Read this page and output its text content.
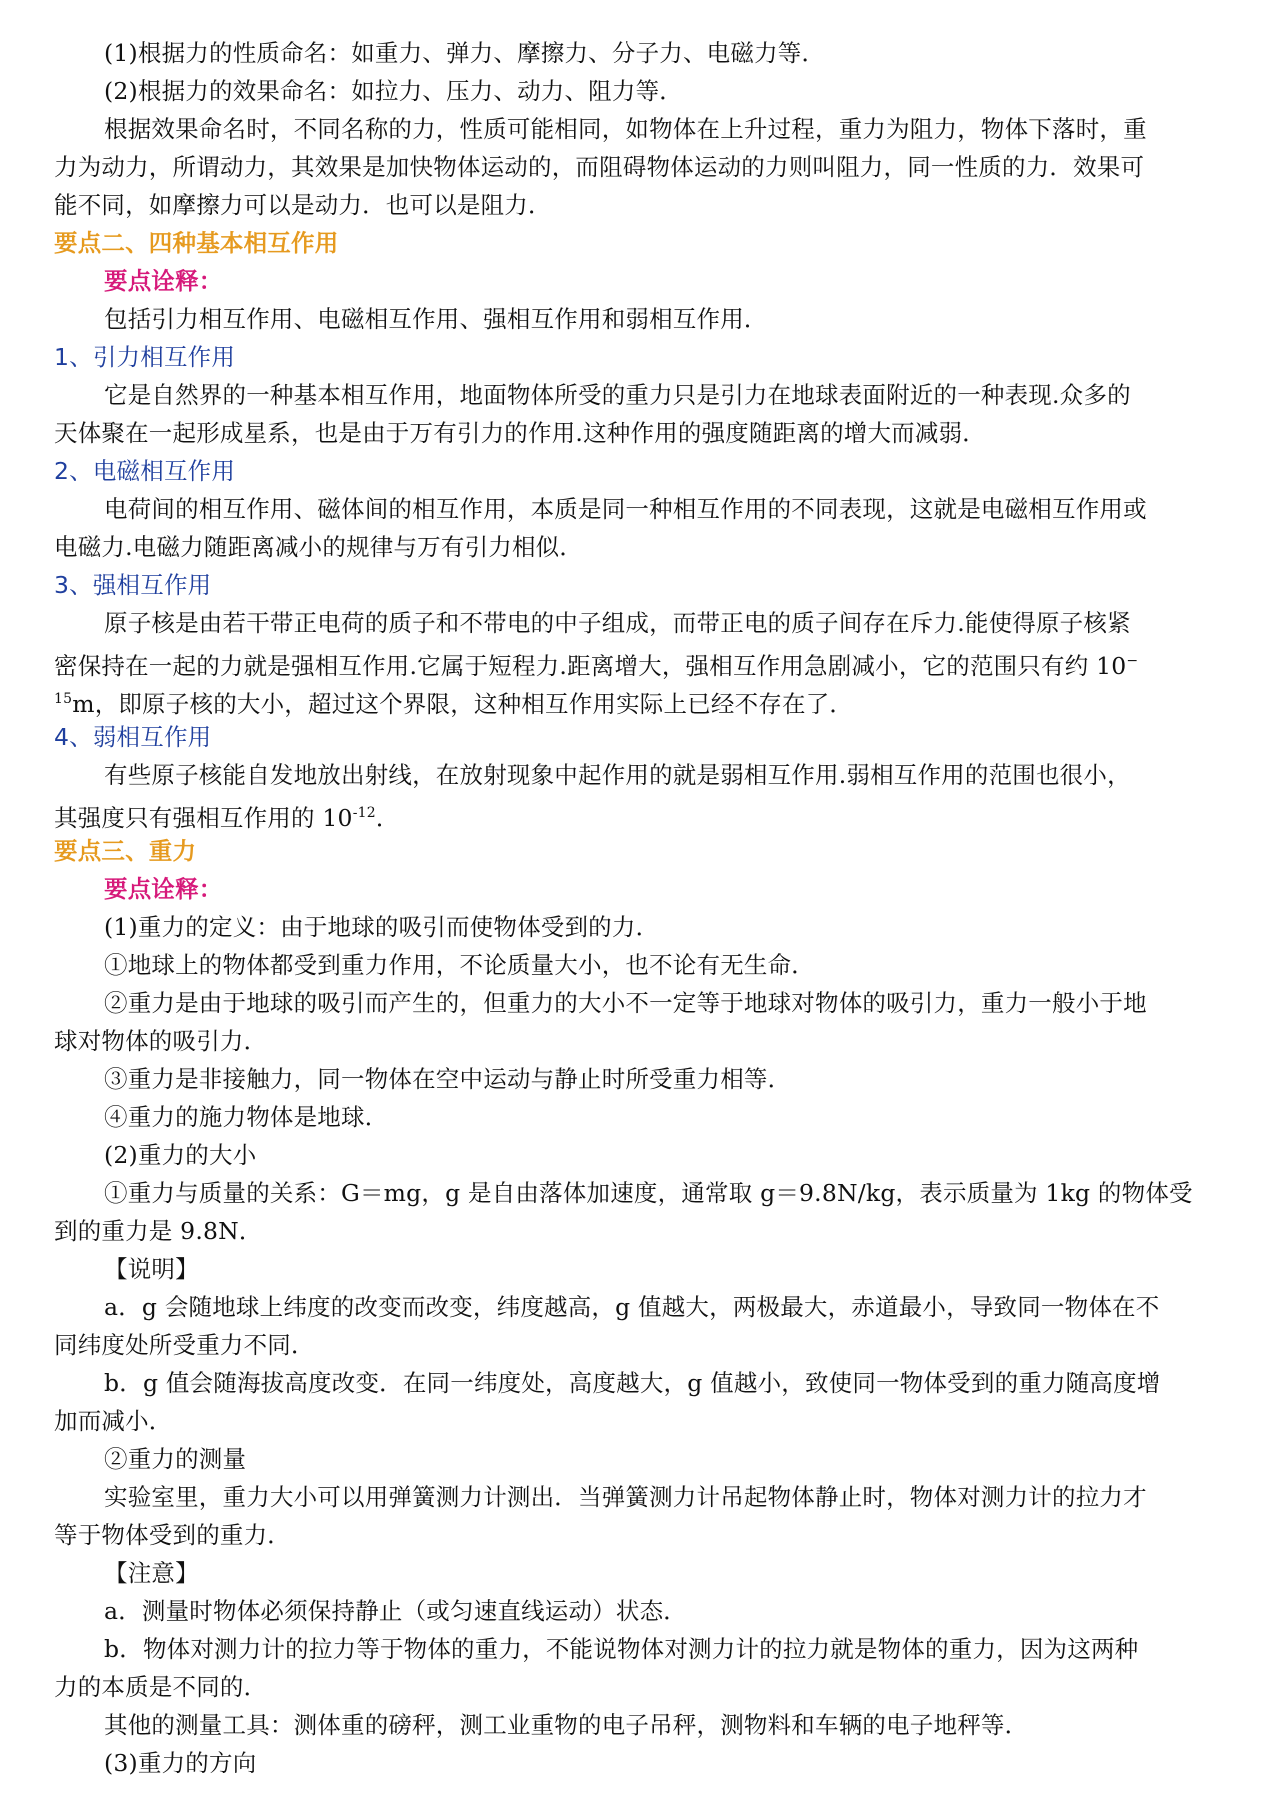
(1)根据力的性质命名：如重力、弹力、摩擦力、分子力、电磁力等．
(2)根据力的效果命名：如拉力、压力、动力、阻力等．
根据效果命名时，不同名称的力，性质可能相同，如物体在上升过程，重力为阻力，物体下落时，重
力为动力，所谓动力，其效果是加快物体运动的，而阻碍物体运动的力则叫阻力，同一性质的力．效果可
能不同，如摩擦力可以是动力．也可以是阻力．
要点二、四种基本相互作用
要点诠释：
包括引力相互作用、电磁相互作用、强相互作用和弱相互作用．
1、引力相互作用
它是自然界的一种基本相互作用，地面物体所受的重力只是引力在地球表面附近的一种表现.众多的
天体聚在一起形成星系，也是由于万有引力的作用.这种作用的强度随距离的增大而减弱．
2、电磁相互作用
电荷间的相互作用、磁体间的相互作用，本质是同一种相互作用的不同表现，这就是电磁相互作用或
电磁力.电磁力随距离减小的规律与万有引力相似．
3、强相互作用
原子核是由若干带正电荷的质子和不带电的中子组成，而带正电的质子间存在斥力.能使得原子核紧
密保持在一起的力就是强相互作用.它属于短程力.距离增大，强相互作用急剧减小，它的范围只有约 10−
$^{15}$m，即原子核的大小，超过这个界限，这种相互作用实际上已经不存在了．
4、弱相互作用
有些原子核能自发地放出射线，在放射现象中起作用的就是弱相互作用.弱相互作用的范围也很小，
其强度只有强相互作用的 $10^{-12}$．
要点三、重力
要点诠释：
(1)重力的定义：由于地球的吸引而使物体受到的力．
①地球上的物体都受到重力作用，不论质量大小，也不论有无生命．
②重力是由于地球的吸引而产生的，但重力的大小不一定等于地球对物体的吸引力，重力一般小于地
球对物体的吸引力．
③重力是非接触力，同一物体在空中运动与静止时所受重力相等．
④重力的施力物体是地球．
(2)重力的大小
①重力与质量的关系：G＝mg，g 是自由落体加速度，通常取 g＝9.8N/kg，表示质量为 1kg 的物体受
到的重力是 9.8N．
【说明】
a．g 会随地球上纬度的改变而改变，纬度越高，g 值越大，两极最大，赤道最小，导致同一物体在不
同纬度处所受重力不同．
b．g 值会随海拔高度改变．在同一纬度处，高度越大，g 值越小，致使同一物体受到的重力随高度增
加而减小．
②重力的测量
实验室里，重力大小可以用弹簧测力计测出．当弹簧测力计吊起物体静止时，物体对测力计的拉力才
等于物体受到的重力．
【注意】
a．测量时物体必须保持静止（或匀速直线运动）状态．
b．物体对测力计的拉力等于物体的重力，不能说物体对测力计的拉力就是物体的重力，因为这两种
力的本质是不同的．
其他的测量工具：测体重的磅秤，测工业重物的电子吊秤，测物料和车辆的电子地秤等．
(3)重力的方向
